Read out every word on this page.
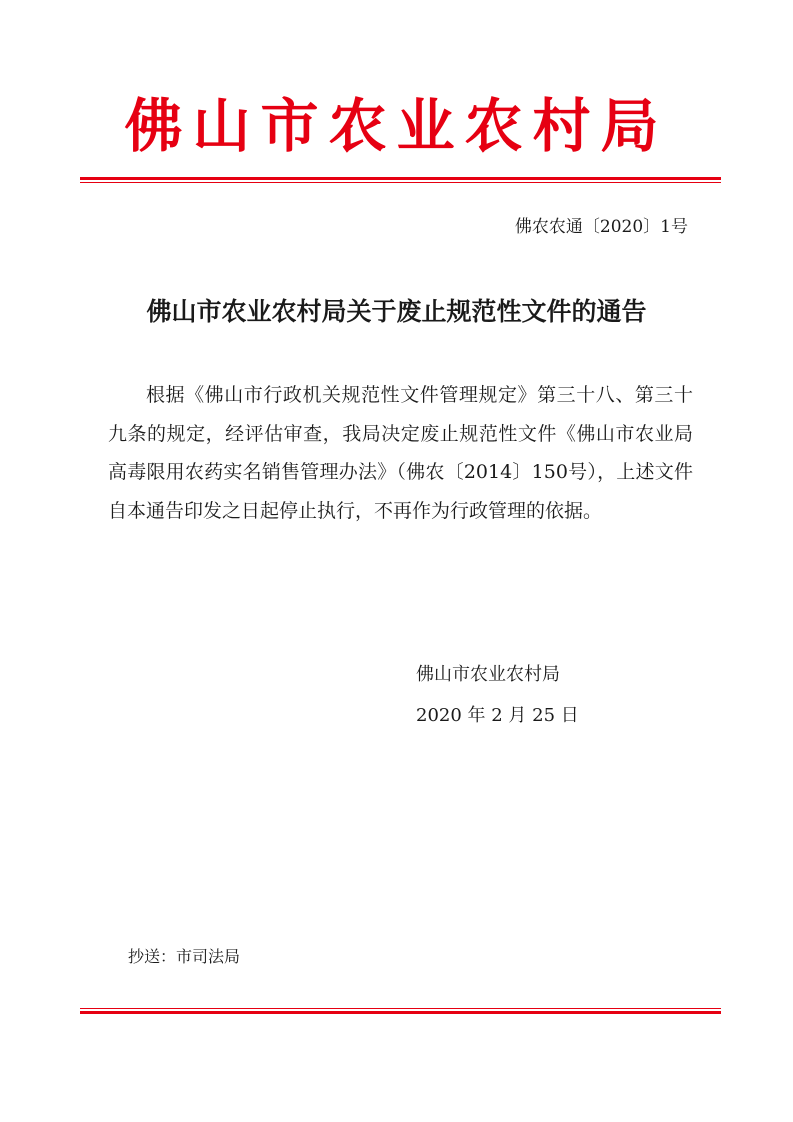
佛山市农业农村局
佛农农通〔2020〕1号
佛山市农业农村局关于废止规范性文件的通告

根据《佛山市行政机关规范性文件管理规定》第三十八、第三十九条的规定，经评估审查，我局决定废止规范性文件《佛山市农业局高毒限用农药实名销售管理办法》（佛农〔2014〕150号），上述文件自本通告印发之日起停止执行，不再作为行政管理的依据。

佛山市农业农村局
2020 年 2 月 25 日
抄送：市司法局
